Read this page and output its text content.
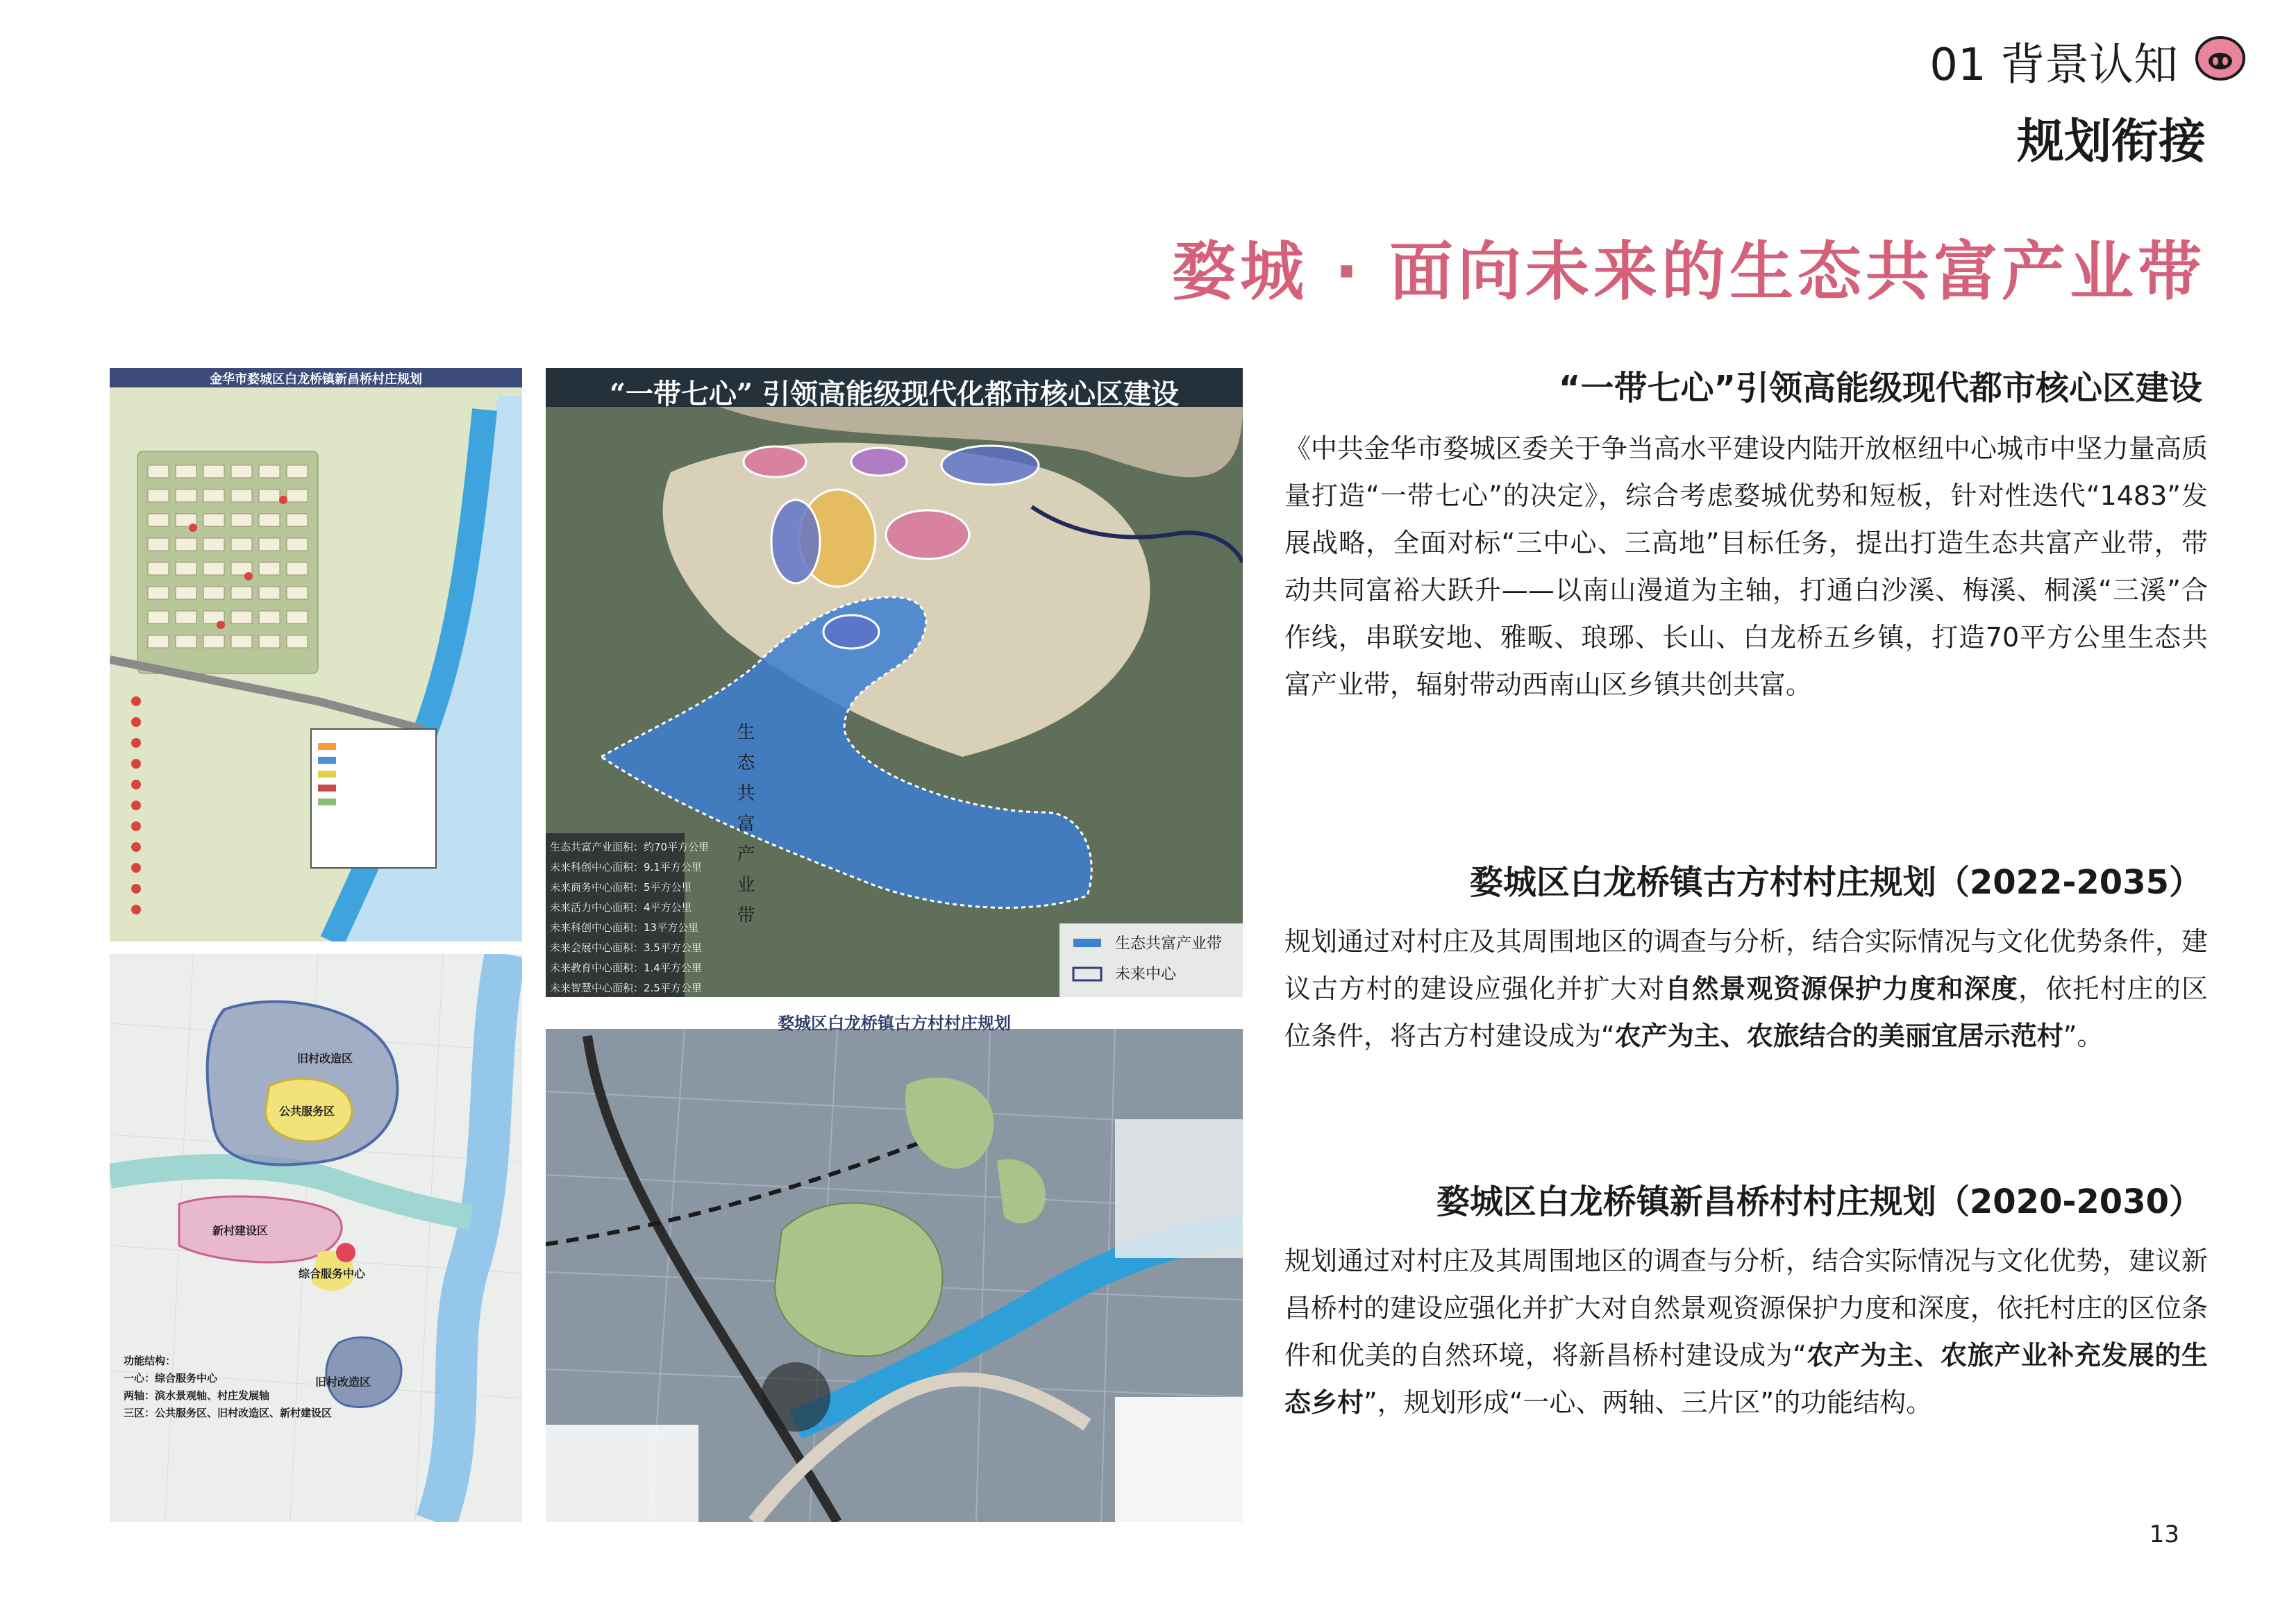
01 背景认知
规划衔接
婺城 · 面向未来的生态共富产业带
“一带七心”引领高能级现代都市核心区建设
《中共金华市婺城区委关于争当高水平建设内陆开放枢纽中心城市中坚力量高质量打造“一带七心”的决定》，综合考虑婺城优势和短板，针对性迭代“1483”发展战略，全面对标“三中心、三高地”目标任务，提出打造生态共富产业带，带动共同富裕大跃升——以南山漫道为主轴，打通白沙溪、梅溪、桐溪“三溪”合作线，串联安地、雅畈、琅琊、长山、白龙桥五乡镇，打造70平方公里生态共富产业带，辐射带动西南山区乡镇共创共富。
婺城区白龙桥镇古方村村庄规划（2022-2035）
规划通过对村庄及其周围地区的调查与分析，结合实际情况与文化优势条件，建议古方村的建设应强化并扩大对自然景观资源保护力度和深度，依托村庄的区位条件，将古方村建设成为“农产为主、农旅结合的美丽宜居示范村”。
婺城区白龙桥镇新昌桥村村庄规划（2020-2030）
规划通过对村庄及其周围地区的调查与分析，结合实际情况与文化优势，建议新昌桥村的建设应强化并扩大对自然景观资源保护力度和深度，依托村庄的区位条件和优美的自然环境，将新昌桥村建设成为“农产为主、农旅产业补充发展的生态乡村”，规划形成“一心、两轴、三片区”的功能结构。
13
金华市婺城区白龙桥镇新昌桥村庄规划	“一带七心” 引领高能级现代化都市核心区建设
生态共富产业带
生态共富产业面积：约70平方公里
未来科创中心面积：9.1平方公里
未来商务中心面积：5平方公里
未来活力中心面积：4平方公里
未来科创中心面积：13平方公里
未来会展中心面积：3.5平方公里
未来教育中心面积：1.4平方公里
未来智慧中心面积：2.5平方公里
生态共富产业带
未来中心
旧村改造区
公共服务区
新村建设区
综合服务中心
旧村改造区
功能结构：
一心：综合服务中心
两轴：滨水景观轴、村庄发展轴
三区：公共服务区、旧村改造区、新村建设区
婺城区白龙桥镇古方村村庄规划
